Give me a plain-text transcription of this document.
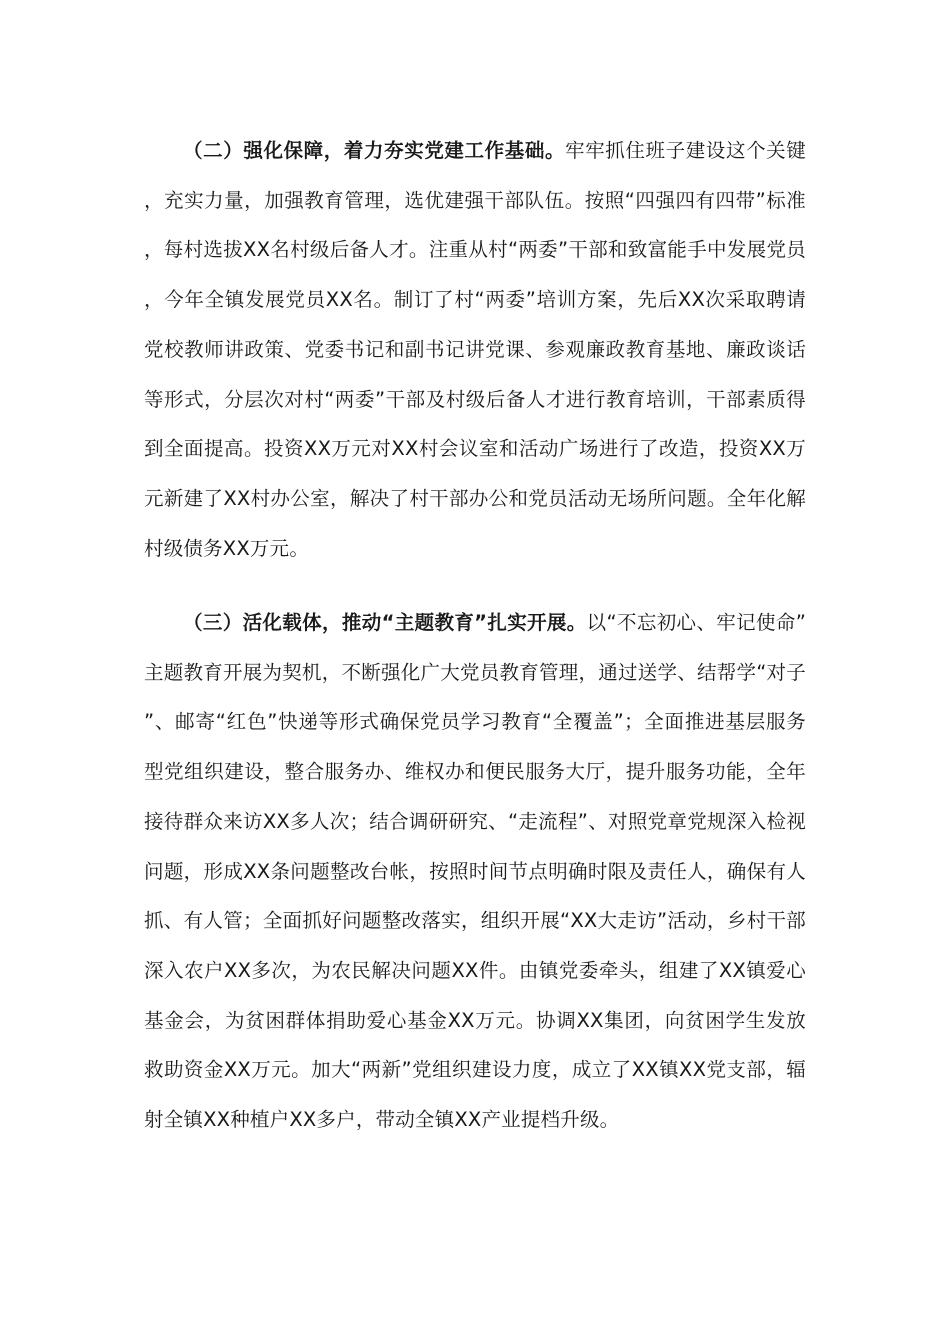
（二）强化保障，着力夯实党建工作基础。牢牢抓住班子建设这个关键，充实力量，加强教育管理，选优建强干部队伍。按照“四强四有四带”标准，每村选拔XX名村级后备人才。注重从村“两委”干部和致富能手中发展党员，今年全镇发展党员XX名。制订了村“两委”培训方案，先后XX次采取聘请党校教师讲政策、党委书记和副书记讲党课、参观廉政教育基地、廉政谈话等形式，分层次对村“两委”干部及村级后备人才进行教育培训，干部素质得到全面提高。投资XX万元对XX村会议室和活动广场进行了改造，投资XX万元新建了XX村办公室，解决了村干部办公和党员活动无场所问题。全年化解村级债务XX万元。

（三）活化载体，推动“主题教育”扎实开展。以“不忘初心、牢记使命”主题教育开展为契机，不断强化广大党员教育管理，通过送学、结帮学“对子”、邮寄“红色”快递等形式确保党员学习教育“全覆盖”；全面推进基层服务型党组织建设，整合服务办、维权办和便民服务大厅，提升服务功能，全年接待群众来访XX多人次；结合调研研究、“走流程”、对照党章党规深入检视问题，形成XX条问题整改台帐，按照时间节点明确时限及责任人，确保有人抓、有人管；全面抓好问题整改落实，组织开展“XX大走访”活动，乡村干部深入农户XX多次，为农民解决问题XX件。由镇党委牵头，组建了XX镇爱心基金会，为贫困群体捐助爱心基金XX万元。协调XX集团，向贫困学生发放救助资金XX万元。加大“两新”党组织建设力度，成立了XX镇XX党支部，辐射全镇XX种植户XX多户，带动全镇XX产业提档升级。
